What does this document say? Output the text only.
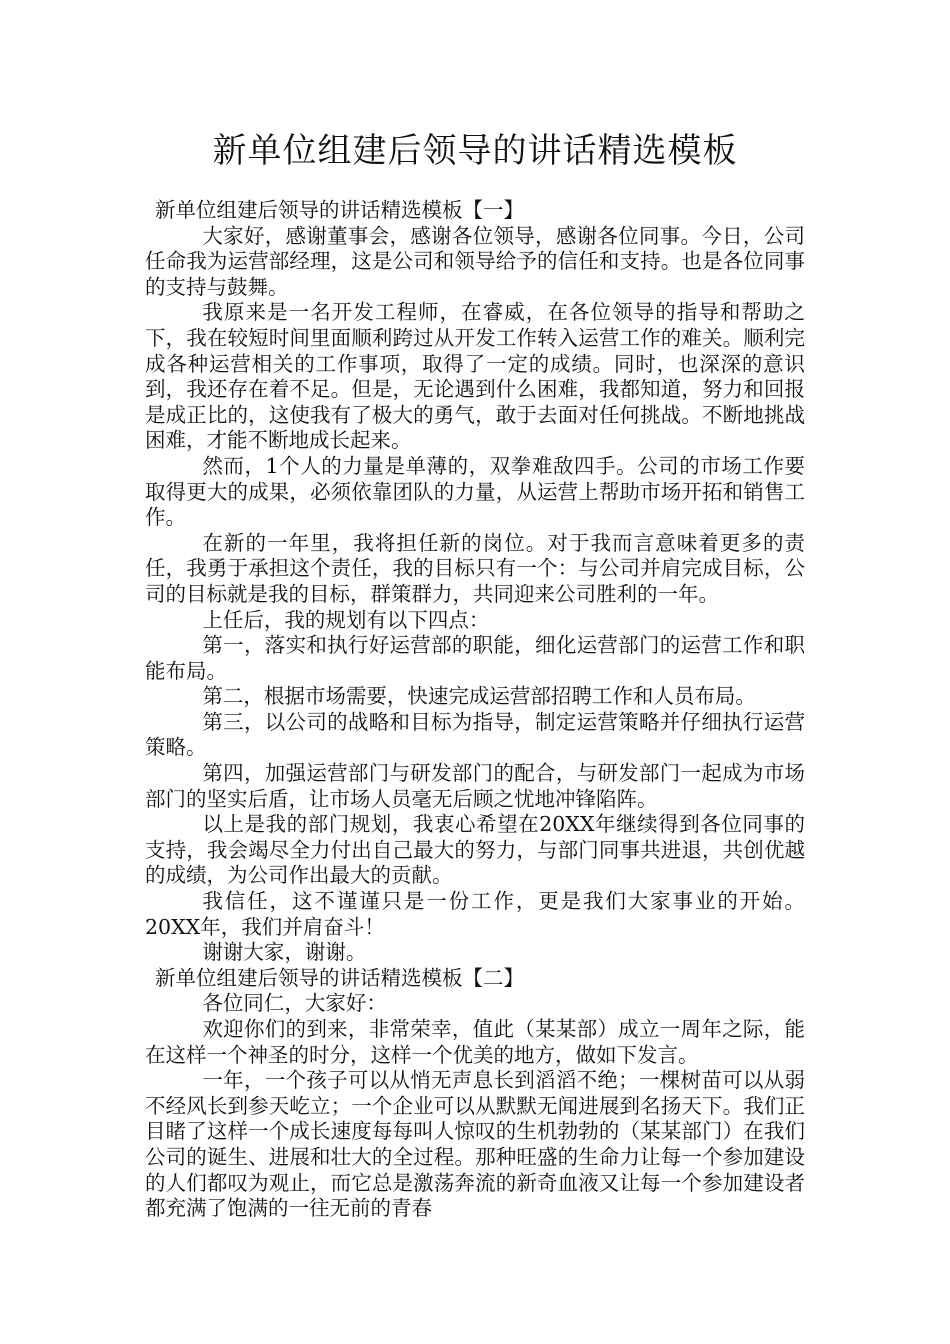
新单位组建后领导的讲话精选模板

新单位组建后领导的讲话精选模板【一】

大家好，感谢董事会，感谢各位领导，感谢各位同事。今日，公司任命我为运营部经理，这是公司和领导给予的信任和支持。也是各位同事的支持与鼓舞。

我原来是一名开发工程师，在睿威，在各位领导的指导和帮助之下，我在较短时间里面顺利跨过从开发工作转入运营工作的难关。顺利完成各种运营相关的工作事项，取得了一定的成绩。同时，也深深的意识到，我还存在着不足。但是，无论遇到什么困难，我都知道，努力和回报是成正比的，这使我有了极大的勇气，敢于去面对任何挑战。不断地挑战困难，才能不断地成长起来。

然而，1个人的力量是单薄的，双拳难敌四手。公司的市场工作要取得更大的成果，必须依靠团队的力量，从运营上帮助市场开拓和销售工作。

在新的一年里，我将担任新的岗位。对于我而言意味着更多的责任，我勇于承担这个责任，我的目标只有一个：与公司并肩完成目标，公司的目标就是我的目标，群策群力，共同迎来公司胜利的一年。

上任后，我的规划有以下四点：

第一，落实和执行好运营部的职能，细化运营部门的运营工作和职能布局。

第二，根据市场需要，快速完成运营部招聘工作和人员布局。

第三，以公司的战略和目标为指导，制定运营策略并仔细执行运营策略。

第四，加强运营部门与研发部门的配合，与研发部门一起成为市场部门的坚实后盾，让市场人员毫无后顾之忧地冲锋陷阵。

以上是我的部门规划，我衷心希望在20XX年继续得到各位同事的支持，我会竭尽全力付出自己最大的努力，与部门同事共进退，共创优越的成绩，为公司作出最大的贡献。

我信任，这不谨谨只是一份工作，更是我们大家事业的开始。20XX年，我们并肩奋斗！

谢谢大家，谢谢。

新单位组建后领导的讲话精选模板【二】

各位同仁，大家好：

欢迎你们的到来，非常荣幸，值此（某某部）成立一周年之际，能在这样一个神圣的时分，这样一个优美的地方，做如下发言。

一年，一个孩子可以从悄无声息长到滔滔不绝；一棵树苗可以从弱不经风长到参天屹立；一个企业可以从默默无闻进展到名扬天下。我们正目睹了这样一个成长速度每每叫人惊叹的生机勃勃的（某某部门）在我们公司的诞生、进展和壮大的全过程。那种旺盛的生命力让每一个参加建设的人们都叹为观止，而它总是激荡奔流的新奇血液又让每一个参加建设者都充满了饱满的一往无前的青春
